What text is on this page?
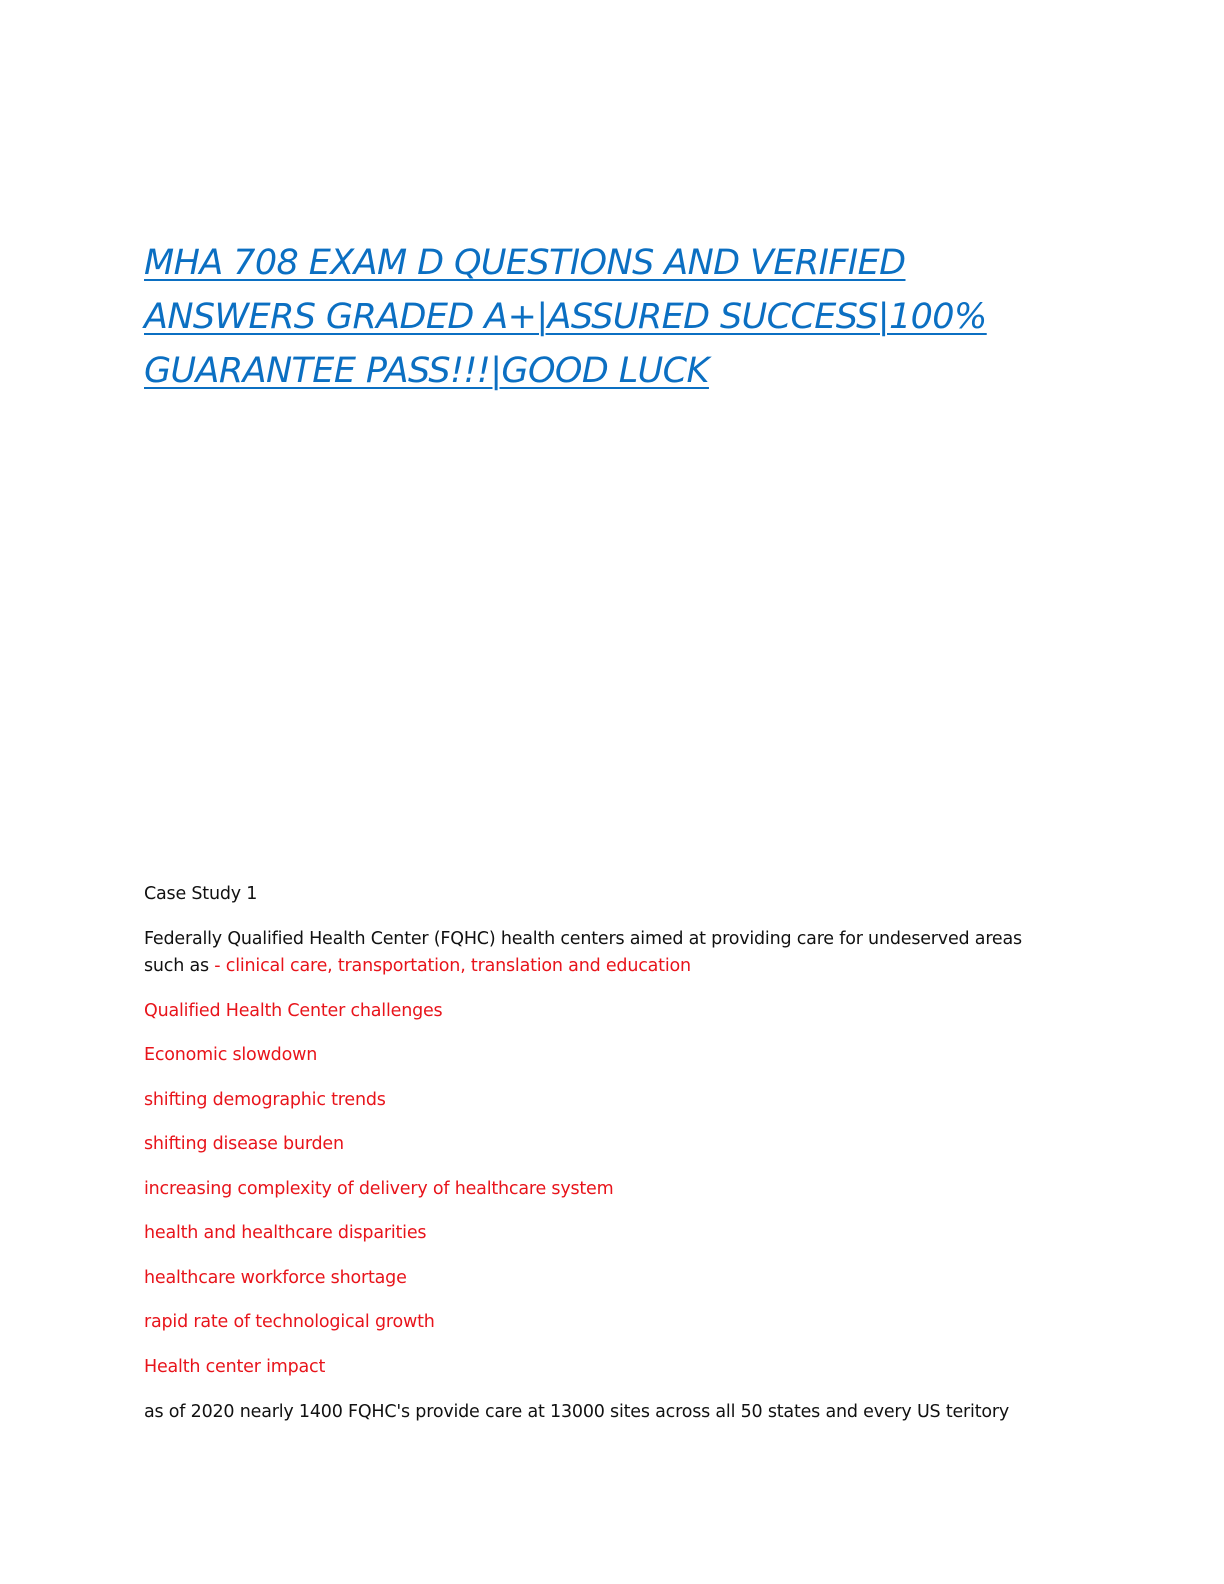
MHA 708 EXAM D QUESTIONS AND VERIFIED
ANSWERS GRADED A+|ASSURED SUCCESS|100%
GUARANTEE PASS!!!|GOOD LUCK

Case Study 1

Federally Qualified Health Center (FQHC) health centers aimed at providing care for undeserved areas

such as - clinical care, transportation, translation and education

Qualified Health Center challenges

Economic slowdown

shifting demographic trends

shifting disease burden

increasing complexity of delivery of healthcare system

health and healthcare disparities

healthcare workforce shortage

rapid rate of technological growth

Health center impact

as of 2020 nearly 1400 FQHC's provide care at 13000 sites across all 50 states and every US teritory
